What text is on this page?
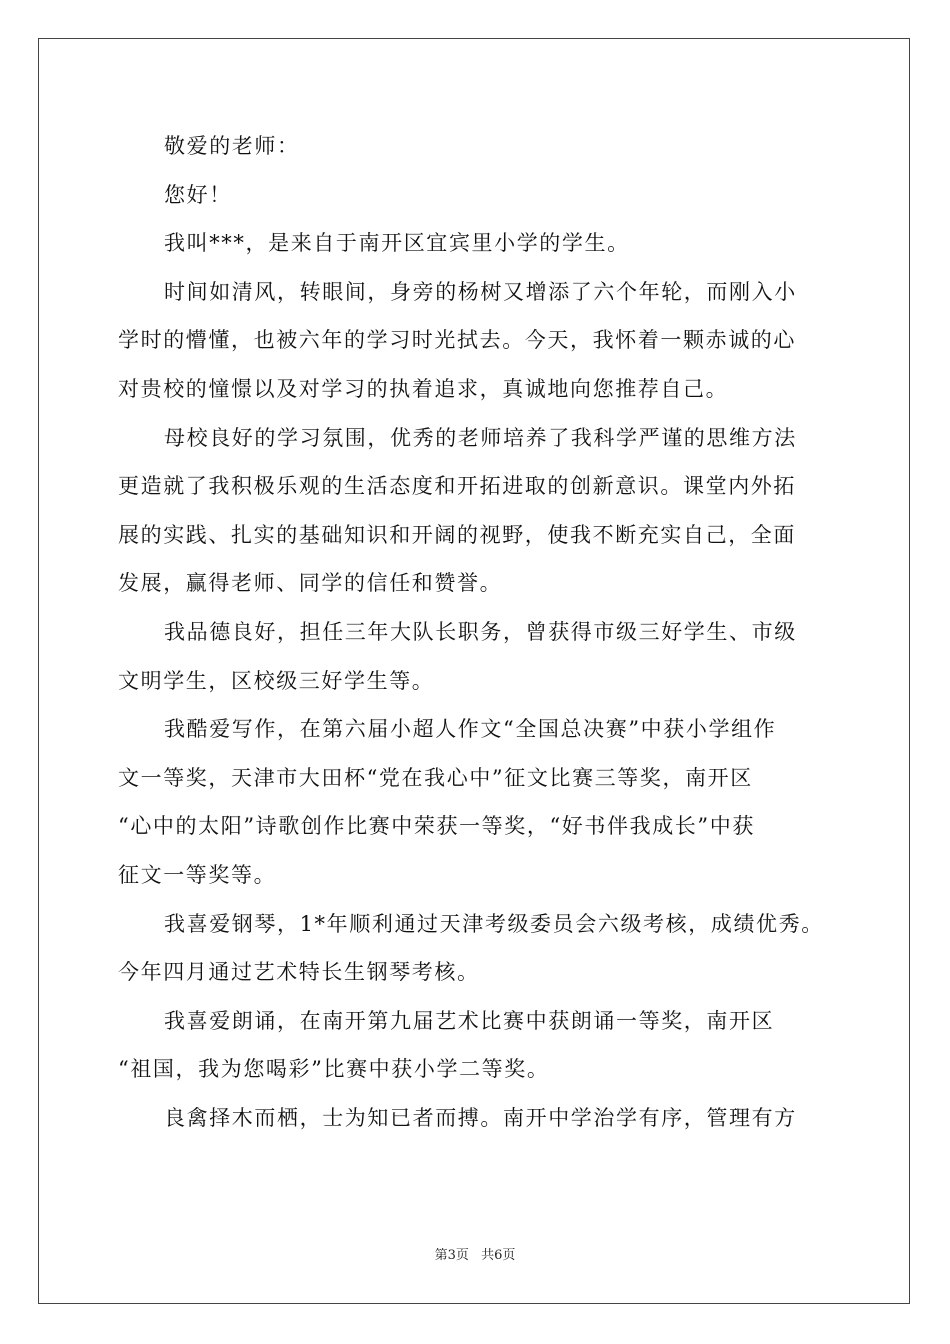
敬爱的老师：
您好！
我叫***，是来自于南开区宜宾里小学的学生。
时间如清风，转眼间，身旁的杨树又增添了六个年轮，而刚入小
学时的懵懂，也被六年的学习时光拭去。今天，我怀着一颗赤诚的心
对贵校的憧憬以及对学习的执着追求，真诚地向您推荐自己。
母校良好的学习氛围，优秀的老师培养了我科学严谨的思维方法
更造就了我积极乐观的生活态度和开拓进取的创新意识。课堂内外拓
展的实践、扎实的基础知识和开阔的视野，使我不断充实自己，全面
发展，赢得老师、同学的信任和赞誉。
我品德良好，担任三年大队长职务，曾获得市级三好学生、市级
文明学生，区校级三好学生等。
我酷爱写作，在第六届小超人作文“全国总决赛”中获小学组作
文一等奖，天津市大田杯“党在我心中”征文比赛三等奖，南开区
“心中的太阳”诗歌创作比赛中荣获一等奖，“好书伴我成长”中获
征文一等奖等。
我喜爱钢琴，1*年顺利通过天津考级委员会六级考核，成绩优秀。
今年四月通过艺术特长生钢琴考核。
我喜爱朗诵，在南开第九届艺术比赛中获朗诵一等奖，南开区
“祖国，我为您喝彩”比赛中获小学二等奖。
良禽择木而栖，士为知已者而搏。南开中学治学有序，管理有方
第3页 共6页
